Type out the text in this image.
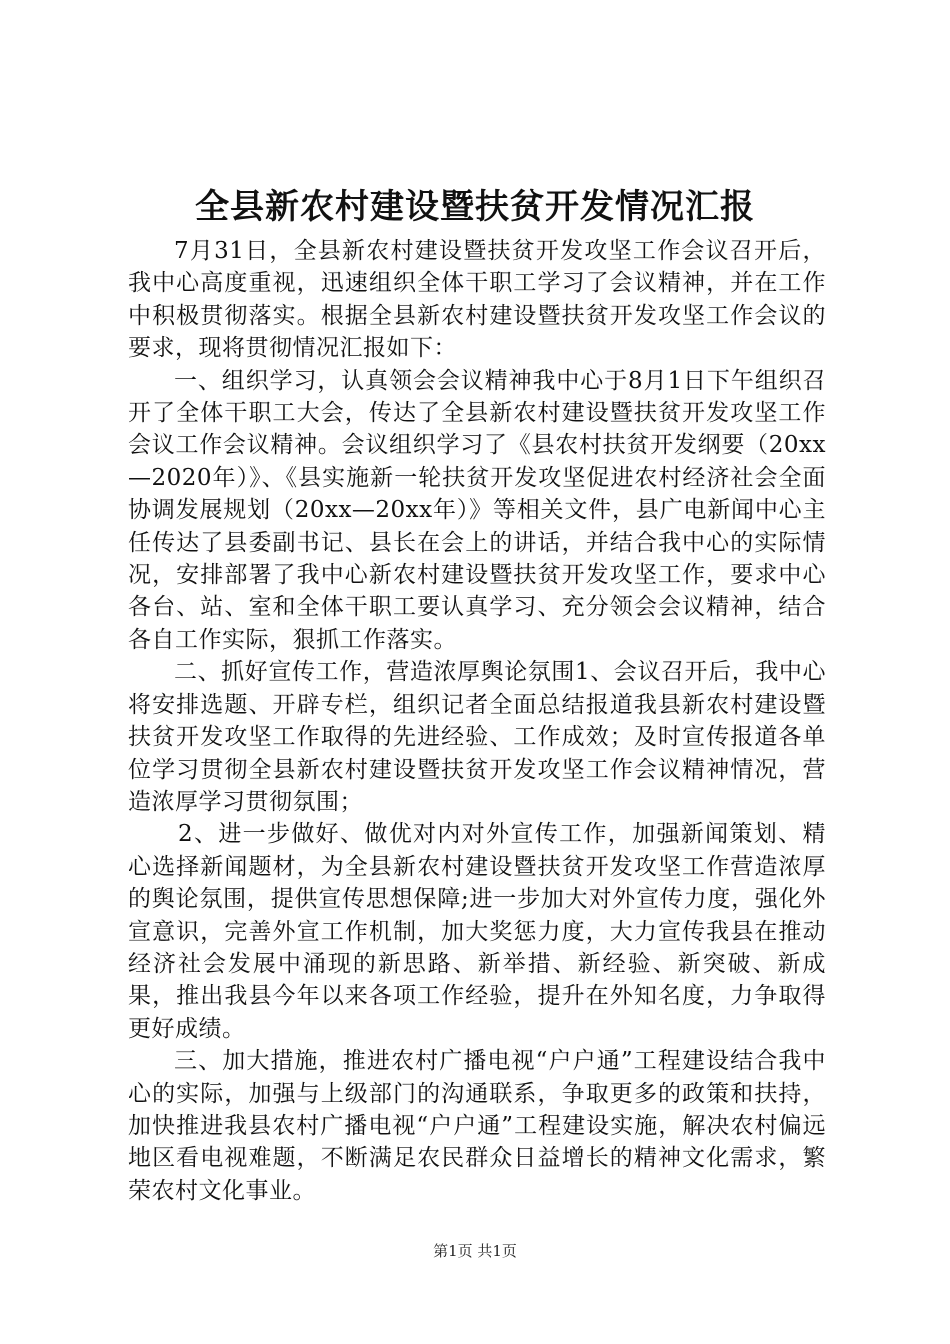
全县新农村建设暨扶贫开发情况汇报

7月31日，全县新农村建设暨扶贫开发攻坚工作会议召开后，我中心高度重视，迅速组织全体干职工学习了会议精神，并在工作中积极贯彻落实。根据全县新农村建设暨扶贫开发攻坚工作会议的要求，现将贯彻情况汇报如下：

一、组织学习，认真领会会议精神我中心于8月1日下午组织召开了全体干职工大会，传达了全县新农村建设暨扶贫开发攻坚工作会议工作会议精神。会议组织学习了《县农村扶贫开发纲要（20xx—2020年）》、《县实施新一轮扶贫开发攻坚促进农村经济社会全面协调发展规划（20xx—20xx年）》等相关文件，县广电新闻中心主任传达了县委副书记、县长在会上的讲话，并结合我中心的实际情况，安排部署了我中心新农村建设暨扶贫开发攻坚工作，要求中心各台、站、室和全体干职工要认真学习、充分领会会议精神，结合各自工作实际，狠抓工作落实。

二、抓好宣传工作，营造浓厚舆论氛围1、会议召开后，我中心将安排选题、开辟专栏，组织记者全面总结报道我县新农村建设暨扶贫开发攻坚工作取得的先进经验、工作成效；及时宣传报道各单位学习贯彻全县新农村建设暨扶贫开发攻坚工作会议精神情况，营造浓厚学习贯彻氛围；

2、进一步做好、做优对内对外宣传工作，加强新闻策划、精心选择新闻题材，为全县新农村建设暨扶贫开发攻坚工作营造浓厚的舆论氛围，提供宣传思想保障;进一步加大对外宣传力度，强化外宣意识，完善外宣工作机制，加大奖惩力度，大力宣传我县在推动经济社会发展中涌现的新思路、新举措、新经验、新突破、新成果，推出我县今年以来各项工作经验，提升在外知名度，力争取得更好成绩。

三、加大措施，推进农村广播电视“户户通”工程建设结合我中心的实际，加强与上级部门的沟通联系，争取更多的政策和扶持，加快推进我县农村广播电视“户户通”工程建设实施，解决农村偏远地区看电视难题，不断满足农民群众日益增长的精神文化需求，繁荣农村文化事业。

第1页 共1页
